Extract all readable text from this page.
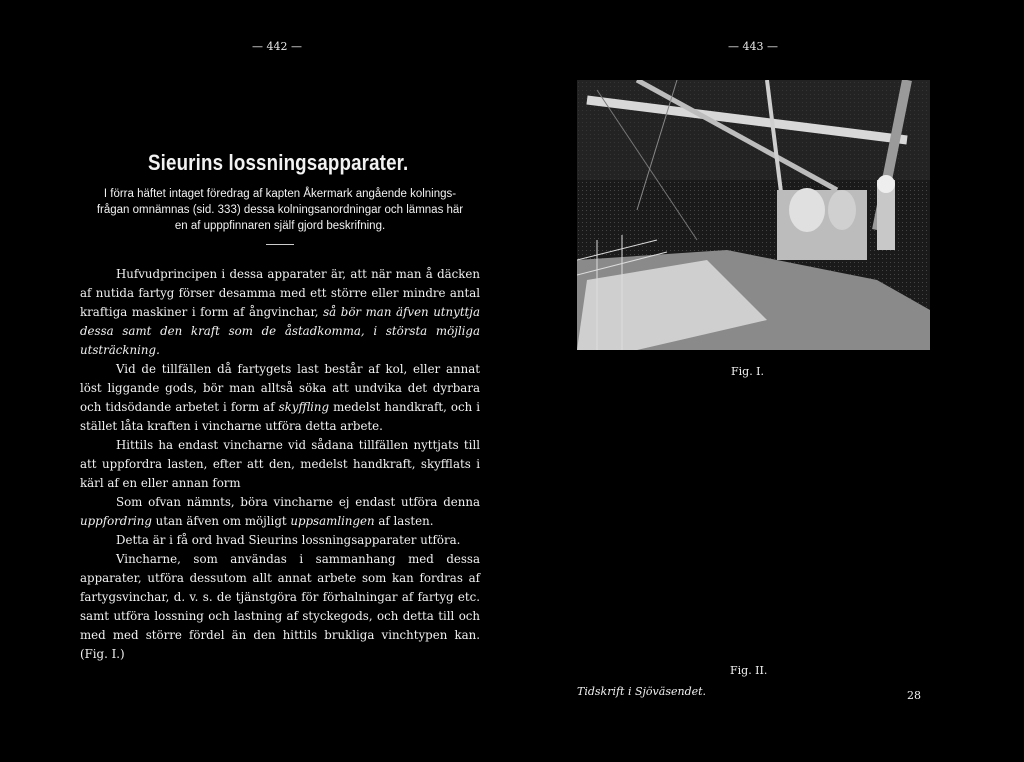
— 442 —	— 443 —
Sieurins lossningsapparater.
I förra häftet intaget föredrag af kapten Åkermark angående kolnings-
frågan omnämnas (sid. 333) dessa kolningsanordningar och lämnas här
en af upppfinnaren själf gjord beskrifning.

Hufvudprincipen i dessa apparater är, att när man å däcken af nutida fartyg förser desamma med ett större eller mindre antal kraftiga maskiner i form af ångvinchar, så bör man äfven utnyttja dessa samt den kraft som de åstadkomma, i största möjliga utsträckning.

Vid de tillfällen då fartygets last består af kol, eller annat löst liggande gods, bör man alltså söka att undvika det dyrbara och tidsödande arbetet i form af skyffling medelst handkraft, och i stället låta kraften i vincharne utföra detta arbete.

Hittils ha endast vincharne vid sådana tillfällen nyttjats till att uppfordra lasten, efter att den, medelst handkraft, skyfflats i kärl af en eller annan form

Som ofvan nämnts, böra vincharne ej endast utföra denna uppfordring utan äfven om möjligt uppsamlingen af lasten.

Detta är i få ord hvad Sieurins lossningsapparater utföra.

Vincharne, som användas i sammanhang med dessa apparater, utföra dessutom allt annat arbete som kan fordras af fartygsvinchar, d. v. s. de tjänstgöra för förhalningar af fartyg etc. samt utföra lossning och lastning af styckegods, och detta till och med med större fördel än den hittils brukliga vinchtypen kan. (Fig. I.)

Fig. I.
Fig. II.
Tidskrift i Sjöväsendet.	28
